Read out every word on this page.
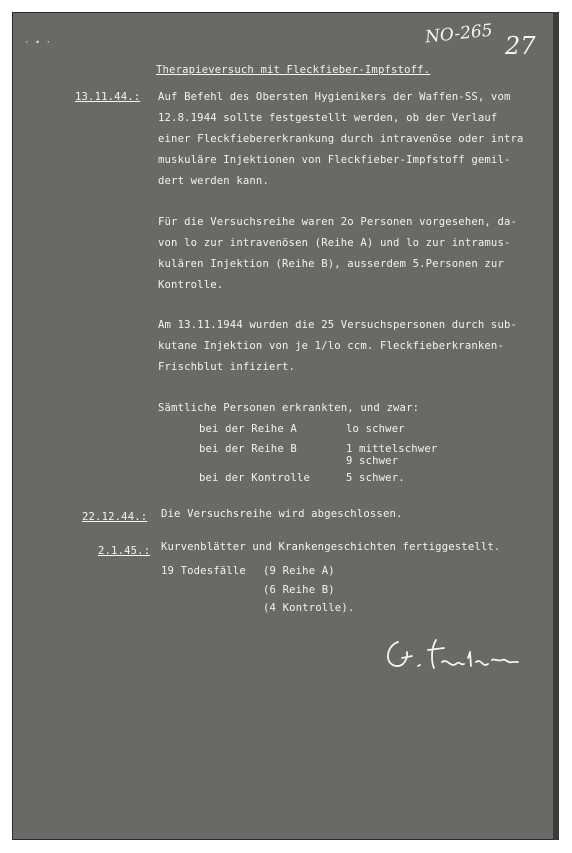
· ∙ ·	NO-265 27
Therapieversuch mit Fleckfieber-Impfstoff.
13.11.44.: Auf Befehl des Obersten Hygienikers der Waffen-SS, vom
12.8.1944 sollte festgestellt werden, ob der Verlauf
einer Fleckfiebererkrankung durch intravenöse oder intra
muskuläre Injektionen von Fleckfieber-Impfstoff gemil-
dert werden kann.
Für die Versuchsreihe waren 2o Personen vorgesehen, da-
von lo zur intravenösen (Reihe A) und lo zur intramus-
kulären Injektion (Reihe B), ausserdem 5.Personen zur
Kontrolle.
Am 13.11.1944 wurden die 25 Versuchspersonen durch sub-
kutane Injektion von je 1/lo ccm. Fleckfieberkranken-
Frischblut infiziert.
Sämtliche Personen erkrankten, und zwar:
bei der Reihe A	lo schwer
bei der Reihe B	1 mittelschwer
9 schwer
bei der Kontrolle	5 schwer.
22.12.44.: Die Versuchsreihe wird abgeschlossen.
2.1.45.: Kurvenblätter und Krankengeschichten fertiggestellt.
19 Todesfälle (9 Reihe A)
(6 Reihe B)
(4 Kontrolle).
